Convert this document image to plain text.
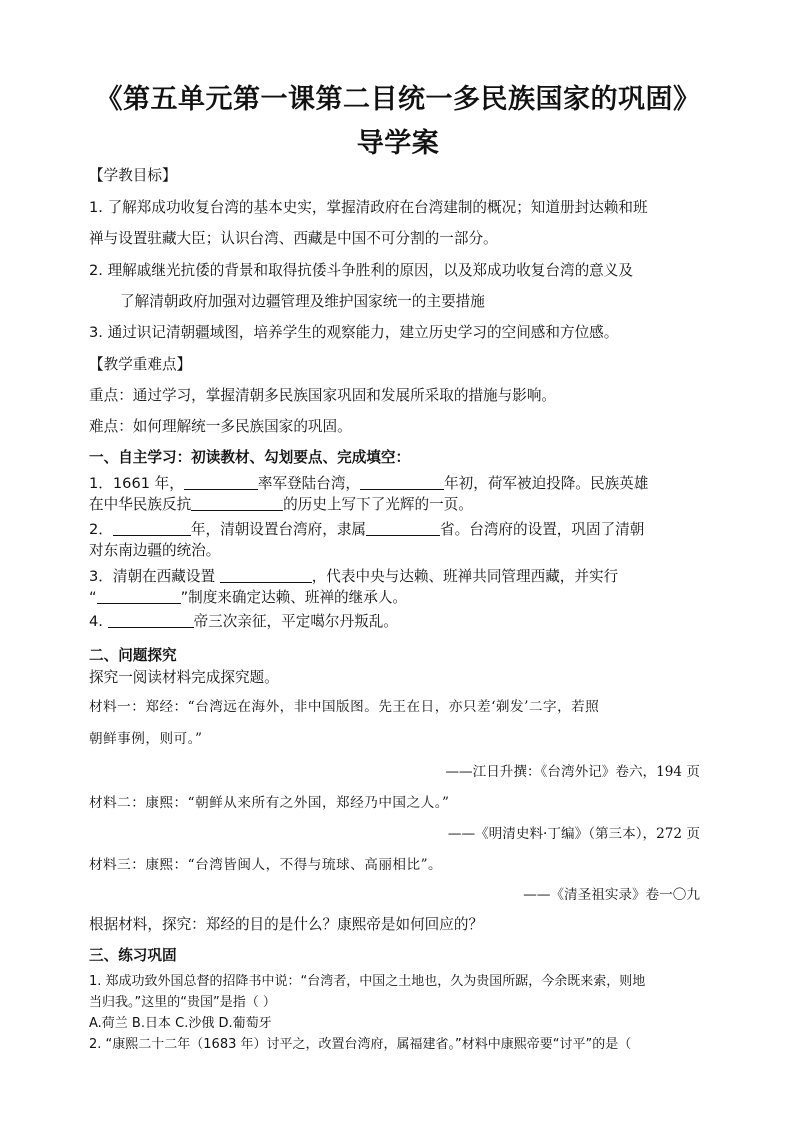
《第五单元第一课第二目统一多民族国家的巩固》导学案
【学教目标】
1. 了解郑成功收复台湾的基本史实，掌握清政府在台湾建制的概况；知道册封达赖和班
禅与设置驻藏大臣；认识台湾、西藏是中国不可分割的一部分。
2. 理解戚继光抗倭的背景和取得抗倭斗争胜利的原因，以及郑成功收复台湾的意义及
了解清朝政府加强对边疆管理及维护国家统一的主要措施
3. 通过识记清朝疆域图，培养学生的观察能力，建立历史学习的空间感和方位感。
【教学重难点】
重点：通过学习，掌握清朝多民族国家巩固和发展所采取的措施与影响。
难点：如何理解统一多民族国家的巩固。
一、自主学习：初读教材、勾划要点、完成填空：
1．1661 年，	率军登陆台湾，	年初，荷军被迫投降。民族英雄
在中华民族反抗	的历史上写下了光辉的一页。
2．	年，清朝设置台湾府，隶属	省。台湾府的设置，巩固了清朝
对东南边疆的统治。
3．清朝在西藏设置	，代表中央与达赖、班禅共同管理西藏，并实行
“	”制度来确定达赖、班禅的继承人。
4.	帝三次亲征，平定噶尔丹叛乱。
二、问题探究
探究一阅读材料完成探究题。
材料一：郑经：“台湾远在海外，非中国版图。先王在日，亦只差‘剃发’二字，若照
朝鲜事例，则可。”
——江日升撰：《台湾外记》卷六，194 页
材料二：康熙：“朝鲜从来所有之外国，郑经乃中国之人。”
——《明清史料·丁编》（第三本），272 页
材料三：康熙：“台湾皆闽人，不得与琉球、高丽相比”。
——《清圣祖实录》卷一〇九
根据材料，探究：郑经的目的是什么？康熙帝是如何回应的？
三、练习巩固
1. 郑成功致外国总督的招降书中说：“台湾者，中国之土地也，久为贵国所踞，今余既来索，则地
当归我。”这里的“贵国”是指（ ）
A.荷兰 B.日本 C.沙俄 D.葡萄牙
2. “康熙二十二年（1683 年）讨平之，改置台湾府，属福建省。”材料中康熙帝要“讨平”的是（
